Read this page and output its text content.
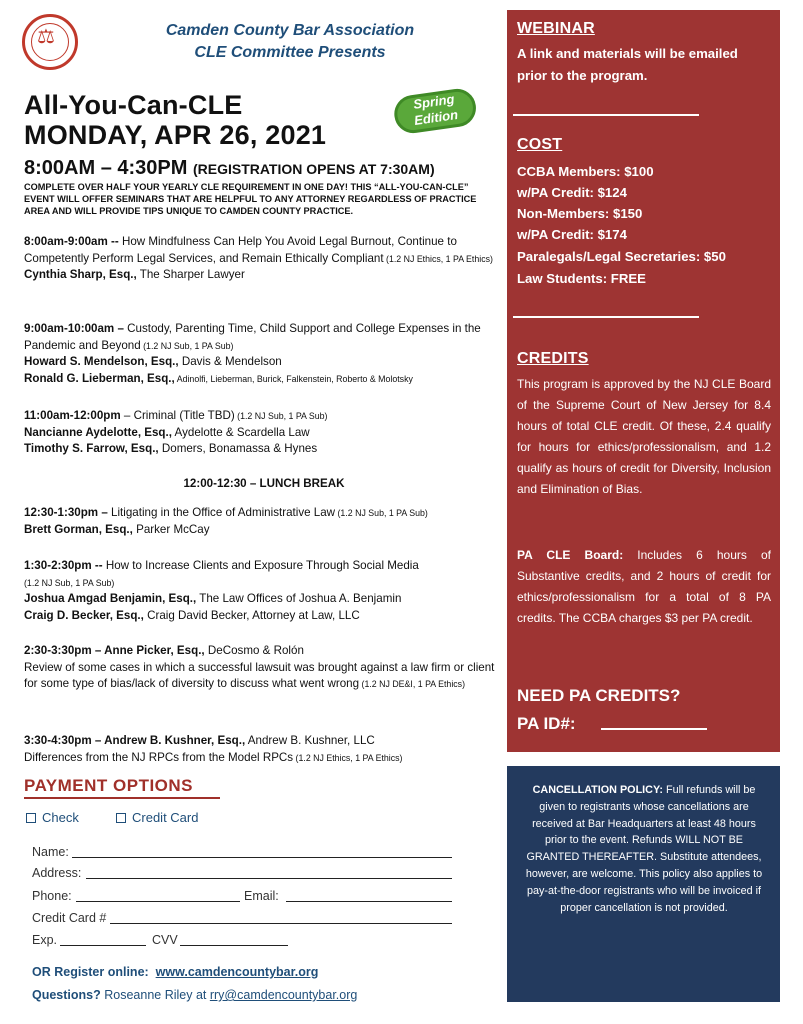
⚖	Camden County Bar Association
CLE Committee Presents
All-You-Can-CLE
MONDAY, APR 26, 2021
Spring
Edition
8:00AM – 4:30PM (REGISTRATION OPENS AT 7:30AM)
COMPLETE OVER HALF YOUR YEARLY CLE REQUIREMENT IN ONE DAY! THIS “ALL-YOU-CAN-CLE” EVENT WILL OFFER SEMINARS THAT ARE HELPFUL TO ANY ATTORNEY REGARDLESS OF PRACTICE AREA AND WILL PROVIDE TIPS UNIQUE TO CAMDEN COUNTY PRACTICE.
8:00am-9:00am -- How Mindfulness Can Help You Avoid Legal Burnout, Continue to Competently Perform Legal Services, and Remain Ethically Compliant (1.2 NJ Ethics, 1 PA Ethics)
Cynthia Sharp, Esq., The Sharper Lawyer
9:00am-10:00am – Custody, Parenting Time, Child Support and College Expenses in the Pandemic and Beyond (1.2 NJ Sub, 1 PA Sub)
Howard S. Mendelson, Esq., Davis & Mendelson
Ronald G. Lieberman, Esq., Adinolfi, Lieberman, Burick, Falkenstein, Roberto & Molotsky
11:00am-12:00pm – Criminal (Title TBD) (1.2 NJ Sub, 1 PA Sub)
Nancianne Aydelotte, Esq., Aydelotte & Scardella Law
Timothy S. Farrow, Esq., Domers, Bonamassa & Hynes
12:00-12:30 – LUNCH BREAK
12:30-1:30pm – Litigating in the Office of Administrative Law (1.2 NJ Sub, 1 PA Sub)
Brett Gorman, Esq., Parker McCay
1:30-2:30pm -- How to Increase Clients and Exposure Through Social Media
(1.2 NJ Sub, 1 PA Sub)
Joshua Amgad Benjamin, Esq., The Law Offices of Joshua A. Benjamin
Craig D. Becker, Esq., Craig David Becker, Attorney at Law, LLC
2:30-3:30pm – Anne Picker, Esq., DeCosmo & Rolón
Review of some cases in which a successful lawsuit was brought against a law firm or client for some type of bias/lack of diversity to discuss what went wrong (1.2 NJ DE&I, 1 PA Ethics)
3:30-4:30pm – Andrew B. Kushner, Esq., Andrew B. Kushner, LLC
Differences from the NJ RPCs from the Model RPCs (1.2 NJ Ethics, 1 PA Ethics)
PAYMENT OPTIONS
Check	Credit Card
Name:
Address:
Phone:	Email:
Credit Card #
Exp.	CVV
OR Register online: www.camdencountybar.org
Questions? Roseanne Riley at rry@camdencountybar.org
WEBINAR
A link and materials will be emailed prior to the program.
COST
CCBA Members: $100
w/PA Credit: $124
Non-Members: $150
w/PA Credit: $174
Paralegals/Legal Secretaries: $50
Law Students: FREE
CREDITS
This program is approved by the NJ CLE Board of the Supreme Court of New Jersey for 8.4 hours of total CLE credit. Of these, 2.4 qualify for hours for ethics/professionalism, and 1.2 qualify as hours of credit for Diversity, Inclusion and Elimination of Bias.
PA CLE Board: Includes 6 hours of Substantive credits, and 2 hours of credit for ethics/professionalism for a total of 8 PA credits. The CCBA charges $3 per PA credit.
NEED PA CREDITS?
PA ID#:
CANCELLATION POLICY: Full refunds will be given to registrants whose cancellations are received at Bar Headquarters at least 48 hours prior to the event. Refunds WILL NOT BE GRANTED THEREAFTER. Substitute attendees, however, are welcome. This policy also applies to pay-at-the-door registrants who will be invoiced if proper cancellation is not provided.
